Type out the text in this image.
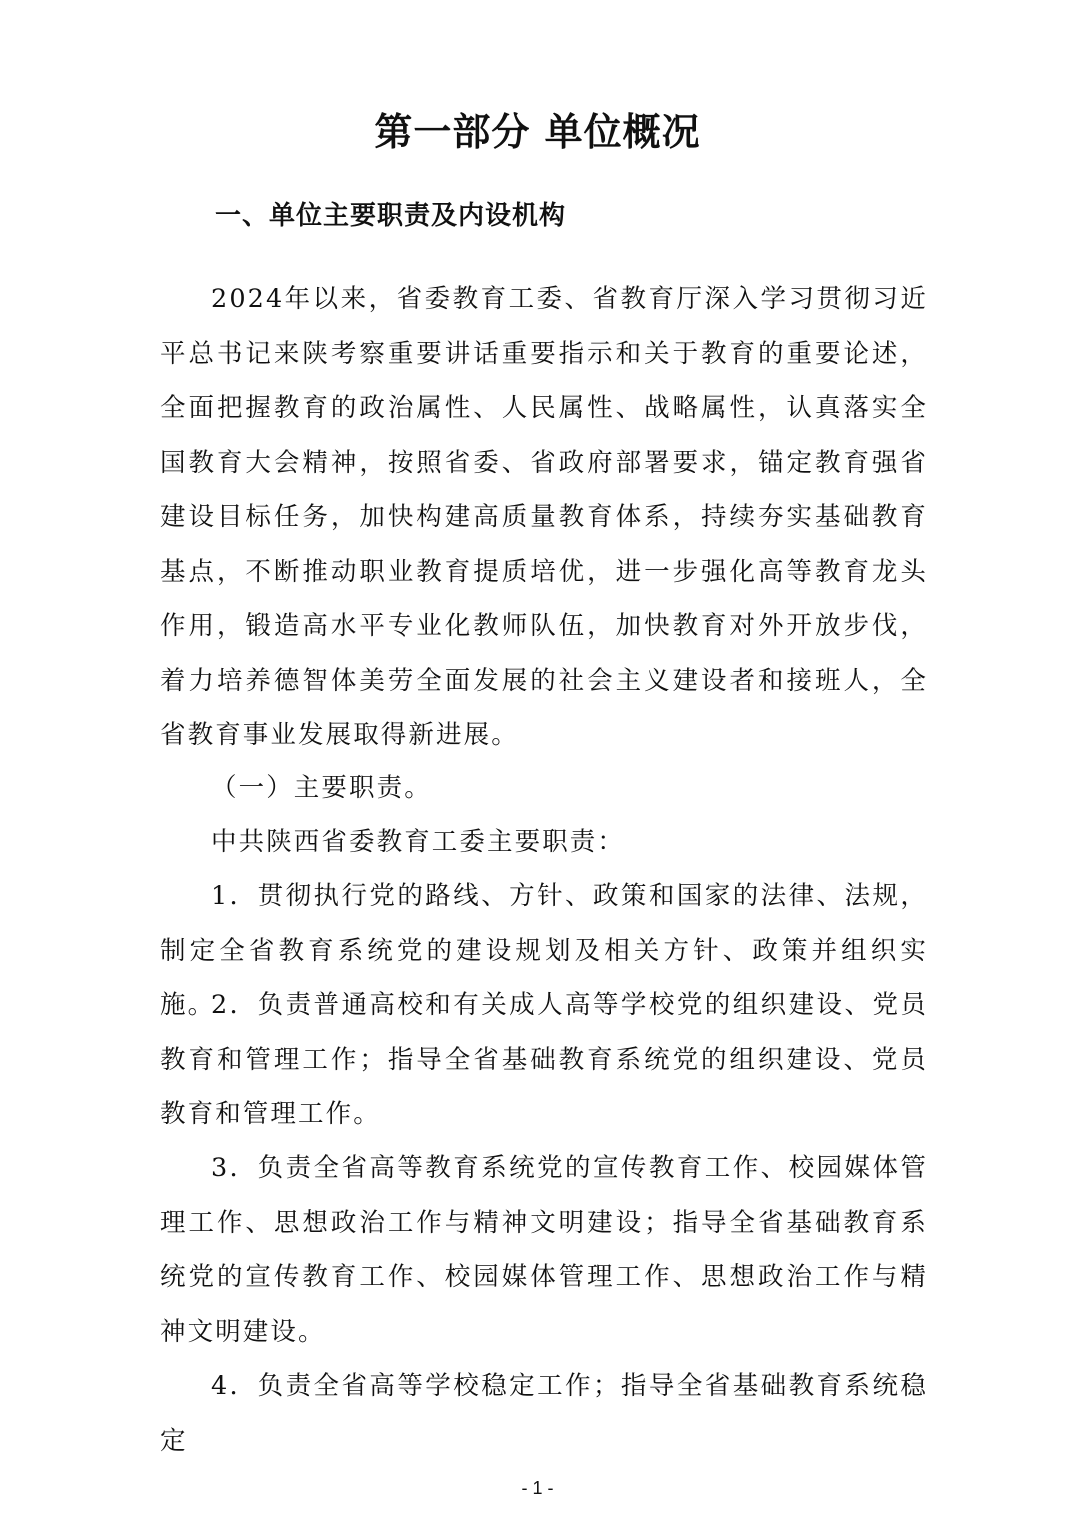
第一部分 单位概况
一、单位主要职责及内设机构

2024年以来，省委教育工委、省教育厅深入学习贯彻习近平总书记来陕考察重要讲话重要指示和关于教育的重要论述，全面把握教育的政治属性、人民属性、战略属性，认真落实全国教育大会精神，按照省委、省政府部署要求，锚定教育强省建设目标任务，加快构建高质量教育体系，持续夯实基础教育基点，不断推动职业教育提质培优，进一步强化高等教育龙头作用，锻造高水平专业化教师队伍，加快教育对外开放步伐，着力培养德智体美劳全面发展的社会主义建设者和接班人，全省教育事业发展取得新进展。

（一）主要职责。

中共陕西省委教育工委主要职责：

1．贯彻执行党的路线、方针、政策和国家的法律、法规，制定全省教育系统党的建设规划及相关方针、政策并组织实施。

2．负责普通高校和有关成人高等学校党的组织建设、党员教育和管理工作；指导全省基础教育系统党的组织建设、党员教育和管理工作。

3．负责全省高等教育系统党的宣传教育工作、校园媒体管理工作、思想政治工作与精神文明建设；指导全省基础教育系统党的宣传教育工作、校园媒体管理工作、思想政治工作与精神文明建设。

4．负责全省高等学校稳定工作；指导全省基础教育系统稳定

- 1 -
